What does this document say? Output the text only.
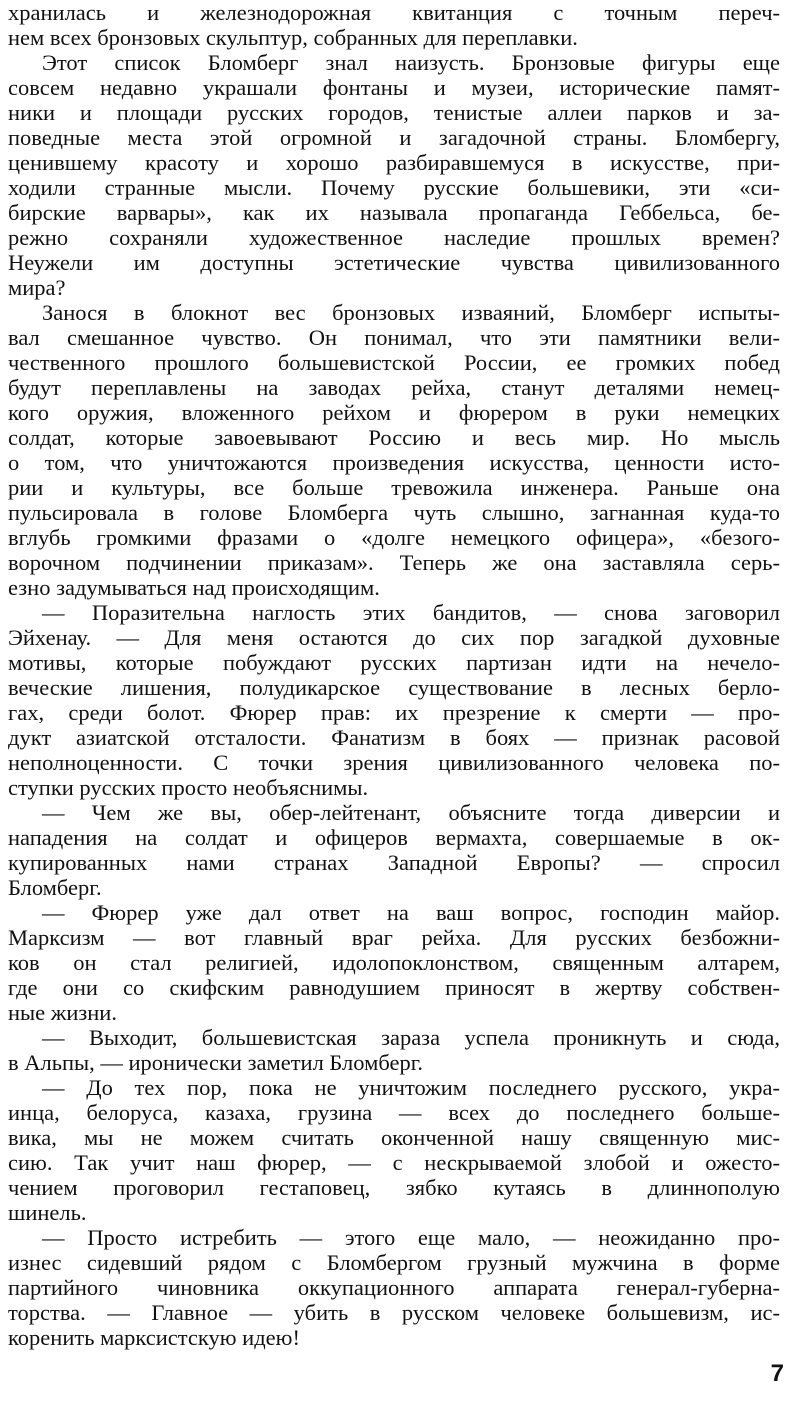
хранилась и железнодорожная квитанция с точным переч-
нем всех бронзовых скульптур, собранных для переплавки.
Этот список Бломберг знал наизусть. Бронзовые фигуры еще
совсем недавно украшали фонтаны и музеи, исторические памят-
ники и площади русских городов, тенистые аллеи парков и за-
поведные места этой огромной и загадочной страны. Бломбергу,
ценившему красоту и хорошо разбиравшемуся в искусстве, при-
ходили странные мысли. Почему русские большевики, эти «си-
бирские варвары», как их называла пропаганда Геббельса, бе-
режно сохраняли художественное наследие прошлых времен?
Неужели им доступны эстетические чувства цивилизованного
мира?
Занося в блокнот вес бронзовых изваяний, Бломберг испыты-
вал смешанное чувство. Он понимал, что эти памятники вели-
чественного прошлого большевистской России, ее громких побед
будут переплавлены на заводах рейха, станут деталями немец-
кого оружия, вложенного рейхом и фюрером в руки немецких
солдат, которые завоевывают Россию и весь мир. Но мысль
о том, что уничтожаются произведения искусства, ценности исто-
рии и культуры, все больше тревожила инженера. Раньше она
пульсировала в голове Бломберга чуть слышно, загнанная куда-то
вглубь громкими фразами о «долге немецкого офицера», «безого-
ворочном подчинении приказам». Теперь же она заставляла серь-
езно задумываться над происходящим.
— Поразительна наглость этих бандитов, — снова заговорил
Эйхенау. — Для меня остаются до сих пор загадкой духовные
мотивы, которые побуждают русских партизан идти на нечело-
веческие лишения, полудикарское существование в лесных берло-
гах, среди болот. Фюрер прав: их презрение к смерти — про-
дукт азиатской отсталости. Фанатизм в боях — признак расовой
неполноценности. С точки зрения цивилизованного человека по-
ступки русских просто необъяснимы.
— Чем же вы, обер-лейтенант, объясните тогда диверсии и
нападения на солдат и офицеров вермахта, совершаемые в ок-
купированных нами странах Западной Европы? — спросил
Бломберг.
— Фюрер уже дал ответ на ваш вопрос, господин майор.
Марксизм — вот главный враг рейха. Для русских безбожни-
ков он стал религией, идолопоклонством, священным алтарем,
где они со скифским равнодушием приносят в жертву собствен-
ные жизни.
— Выходит, большевистская зараза успела проникнуть и сюда,
в Альпы, — иронически заметил Бломберг.
— До тех пор, пока не уничтожим последнего русского, укра-
инца, белоруса, казаха, грузина — всех до последнего больше-
вика, мы не можем считать оконченной нашу священную мис-
сию. Так учит наш фюрер, — с нескрываемой злобой и ожесто-
чением проговорил гестаповец, зябко кутаясь в длиннополую
шинель.
— Просто истребить — этого еще мало, — неожиданно про-
изнес сидевший рядом с Бломбергом грузный мужчина в форме
партийного чиновника оккупационного аппарата генерал-губерна-
торства. — Главное — убить в русском человеке большевизм, ис-
коренить марксистскую идею!
7
